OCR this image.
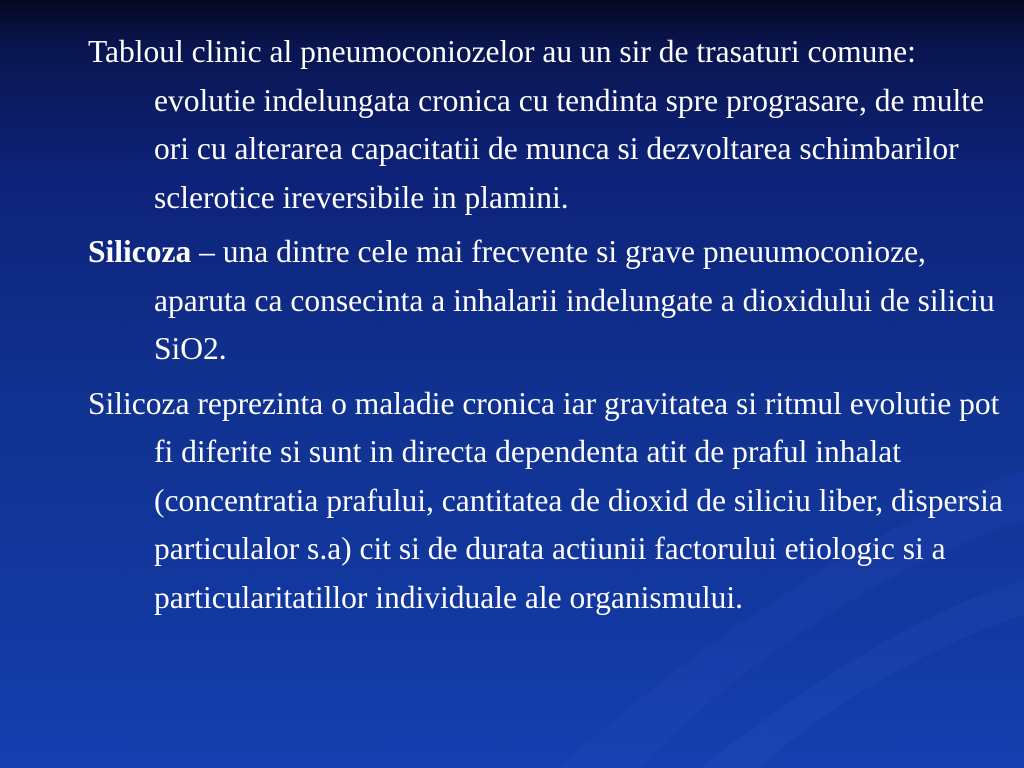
Tabloul clinic al pneumoconiozelor au un sir de trasaturi comune: evolutie indelungata cronica cu tendinta spre prograsare, de multe ori cu alterarea capacitatii de munca si dezvoltarea schimbarilor sclerotice ireversibile in plamini.

Silicoza – una dintre cele mai frecvente si grave pneuumoconioze, aparuta ca consecinta a inhalarii indelungate a dioxidului de siliciu SiO2.

Silicoza reprezinta o maladie cronica iar gravitatea si ritmul evolutie pot fi diferite si sunt in directa dependenta atit de praful inhalat (concentratia prafului, cantitatea de dioxid de siliciu liber, dispersia particulalor s.a) cit si de durata actiunii factorului etiologic si a particularitatillor individuale ale organismului.
